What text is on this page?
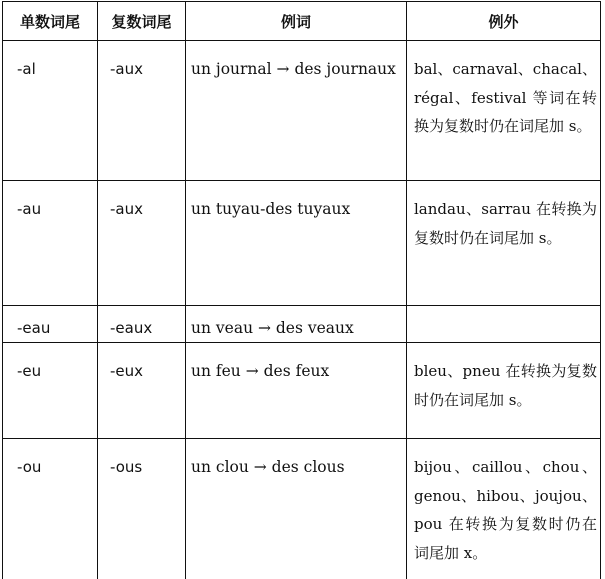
单数词尾	复数词尾	例词	例外
-al	-aux	un journal → des journaux	bal、carnaval、chacal、régal、festival 等词在转换为复数时仍在词尾加 s。
-au	-aux	un tuyau-des tuyaux	landau、sarrau 在转换为复数时仍在词尾加 s。
-eau	-eaux	un veau → des veaux	
-eu	-eux	un feu → des feux	bleu、pneu 在转换为复数时仍在词尾加 s。
-ou	-ous	un clou → des clous	bijou、caillou、chou、genou、hibou、joujou、pou 在转换为复数时仍在词尾加 x。
